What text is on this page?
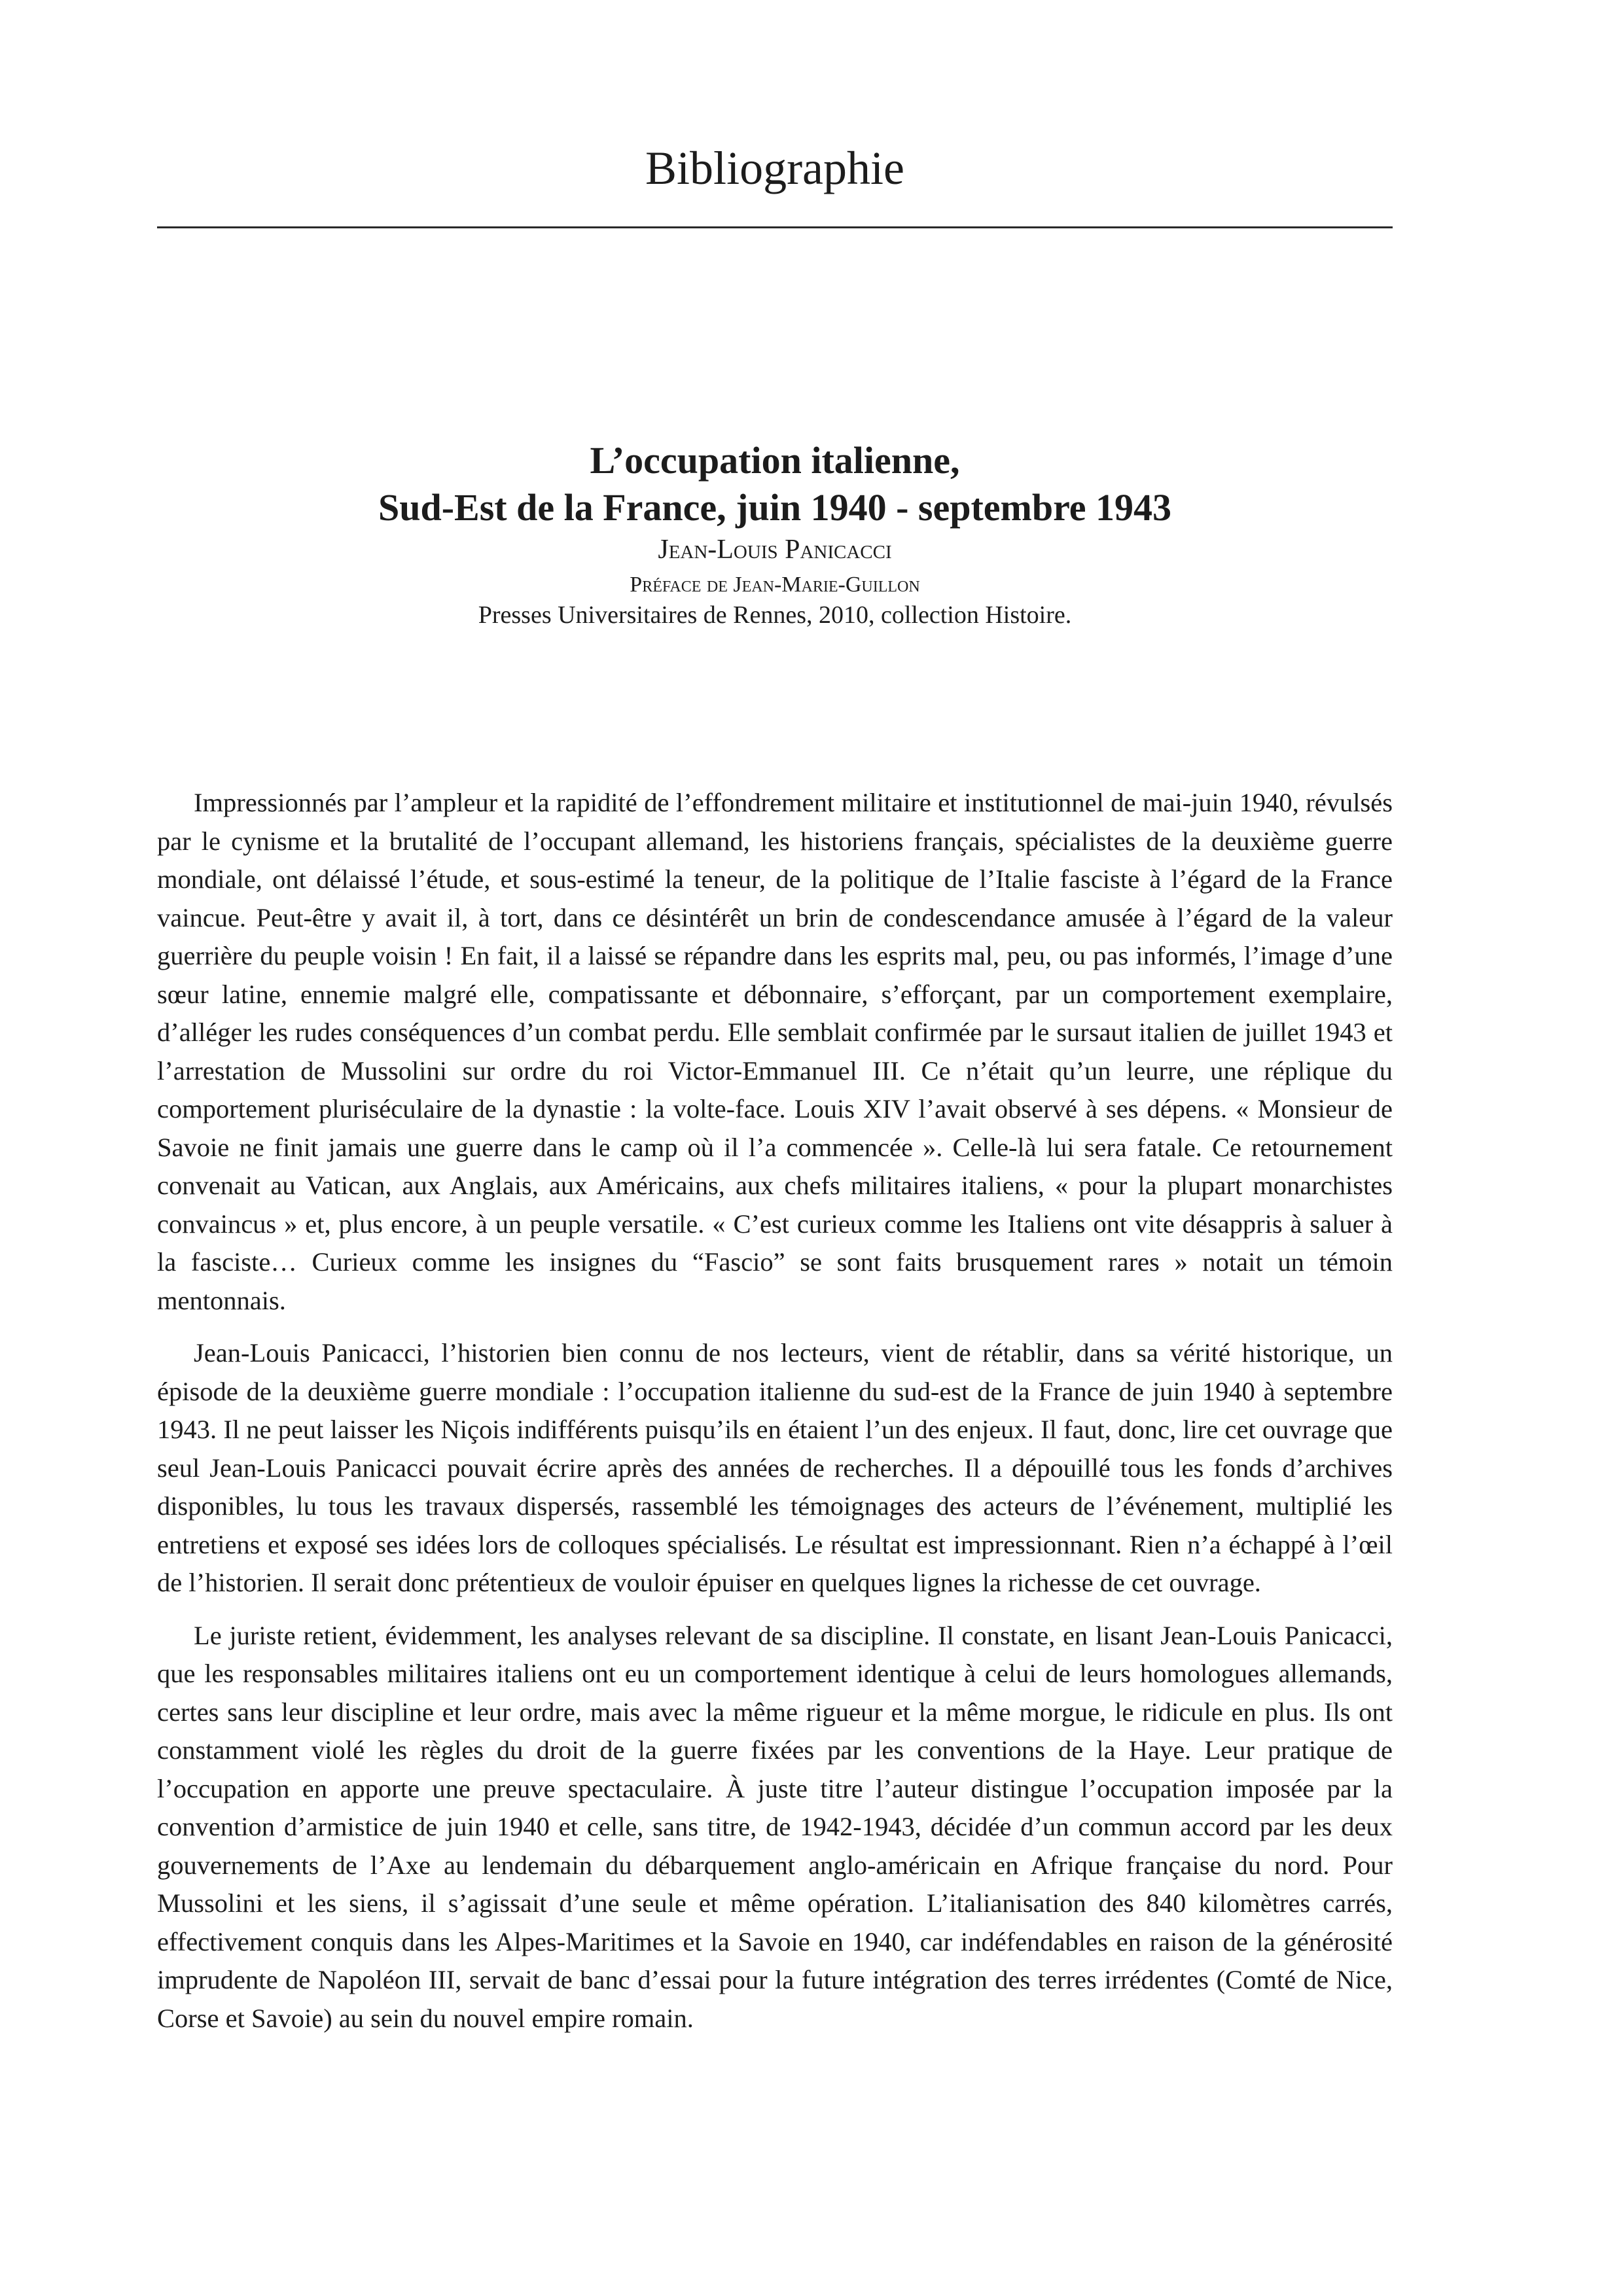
Bibliographie

L’occupation italienne,

Sud-Est de la France, juin 1940 - septembre 1943

Jean-Louis Panicacci

Préface de Jean-Marie-Guillon

Presses Universitaires de Rennes, 2010, collection Histoire.

Impressionnés par l’ampleur et la rapidité de l’effondrement militaire et institutionnel de mai-juin 1940, révulsés par le cynisme et la brutalité de l’occupant allemand, les historiens français, spécialistes de la deuxième guerre mondiale, ont délaissé l’étude, et sous-estimé la teneur, de la politique de l’Italie fasciste à l’égard de la France vaincue. Peut-être y avait il, à tort, dans ce désintérêt un brin de condescendance amusée à l’égard de la valeur guerrière du peuple voisin ! En fait, il a laissé se répandre dans les esprits mal, peu, ou pas informés, l’image d’une sœur latine, ennemie malgré elle, compatissante et débonnaire, s’efforçant, par un comportement exemplaire, d’alléger les rudes conséquences d’un combat perdu. Elle semblait confirmée par le sursaut italien de juillet 1943 et l’arrestation de Mussolini sur ordre du roi Victor-Emmanuel III. Ce n’était qu’un leurre, une réplique du comportement pluriséculaire de la dynastie : la volte-face. Louis XIV l’avait observé à ses dépens. « Monsieur de Savoie ne finit jamais une guerre dans le camp où il l’a commencée ». Celle-là lui sera fatale. Ce retournement convenait au Vatican, aux Anglais, aux Américains, aux chefs militaires italiens, « pour la plupart monarchistes convaincus » et, plus encore, à un peuple versatile. « C’est curieux comme les Italiens ont vite désappris à saluer à la fasciste… Curieux comme les insignes du “Fascio” se sont faits brusquement rares » notait un témoin mentonnais.

Jean-Louis Panicacci, l’historien bien connu de nos lecteurs, vient de rétablir, dans sa vérité historique, un épisode de la deuxième guerre mondiale : l’occupation italienne du sud-est de la France de juin 1940 à septembre 1943. Il ne peut laisser les Niçois indifférents puisqu’ils en étaient l’un des enjeux. Il faut, donc, lire cet ouvrage que seul Jean-Louis Panicacci pouvait écrire après des années de recherches. Il a dépouillé tous les fonds d’archives disponibles, lu tous les travaux dispersés, rassemblé les témoignages des acteurs de l’événement, multiplié les entretiens et exposé ses idées lors de colloques spécialisés. Le résultat est impressionnant. Rien n’a échappé à l’œil de l’historien. Il serait donc prétentieux de vouloir épuiser en quelques lignes la richesse de cet ouvrage.

Le juriste retient, évidemment, les analyses relevant de sa discipline. Il constate, en lisant Jean-Louis Panicacci, que les responsables militaires italiens ont eu un comportement identique à celui de leurs homologues allemands, certes sans leur discipline et leur ordre, mais avec la même rigueur et la même morgue, le ridicule en plus. Ils ont constamment violé les règles du droit de la guerre fixées par les conventions de la Haye. Leur pratique de l’occupation en apporte une preuve spectaculaire. À juste titre l’auteur distingue l’occupation imposée par la convention d’armistice de juin 1940 et celle, sans titre, de 1942-1943, décidée d’un commun accord par les deux gouvernements de l’Axe au lendemain du débarquement anglo-américain en Afrique française du nord. Pour Mussolini et les siens, il s’agissait d’une seule et même opération. L’italianisation des 840 kilomètres carrés, effectivement conquis dans les Alpes-Maritimes et la Savoie en 1940, car indéfendables en raison de la générosité imprudente de Napoléon III, servait de banc d’essai pour la future intégration des terres irrédentes (Comté de Nice, Corse et Savoie) au sein du nouvel empire romain.
